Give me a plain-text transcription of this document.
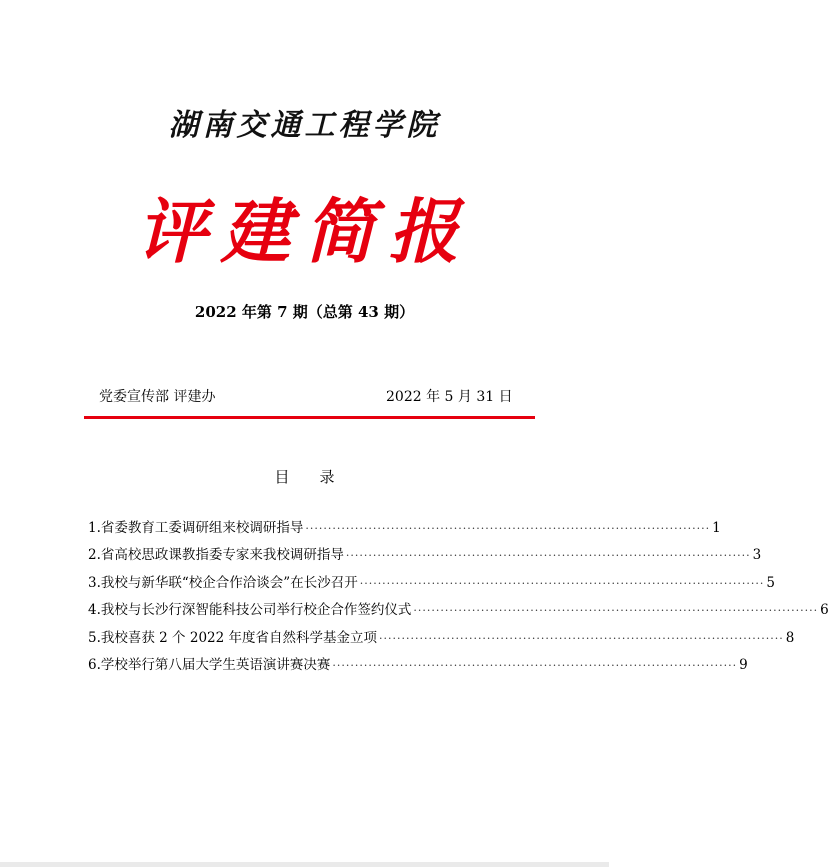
湖南交通工程学院
评建简报
2022 年第 7 期（总第 43 期）
党委宣传部 评建办	2022 年 5 月 31 日
目录
1. 省委教育工委调研组来校调研指导 ·························································································· 1
2. 省高校思政课教指委专家来我校调研指导 ·························································································· 3
3. 我校与新华联“校企合作洽谈会”在长沙召开 ·························································································· 5
4. 我校与长沙行深智能科技公司举行校企合作签约仪式 ·························································································· 6
5. 我校喜获 2 个 2022 年度省自然科学基金立项 ·························································································· 8
6. 学校举行第八届大学生英语演讲赛决赛 ·························································································· 9
